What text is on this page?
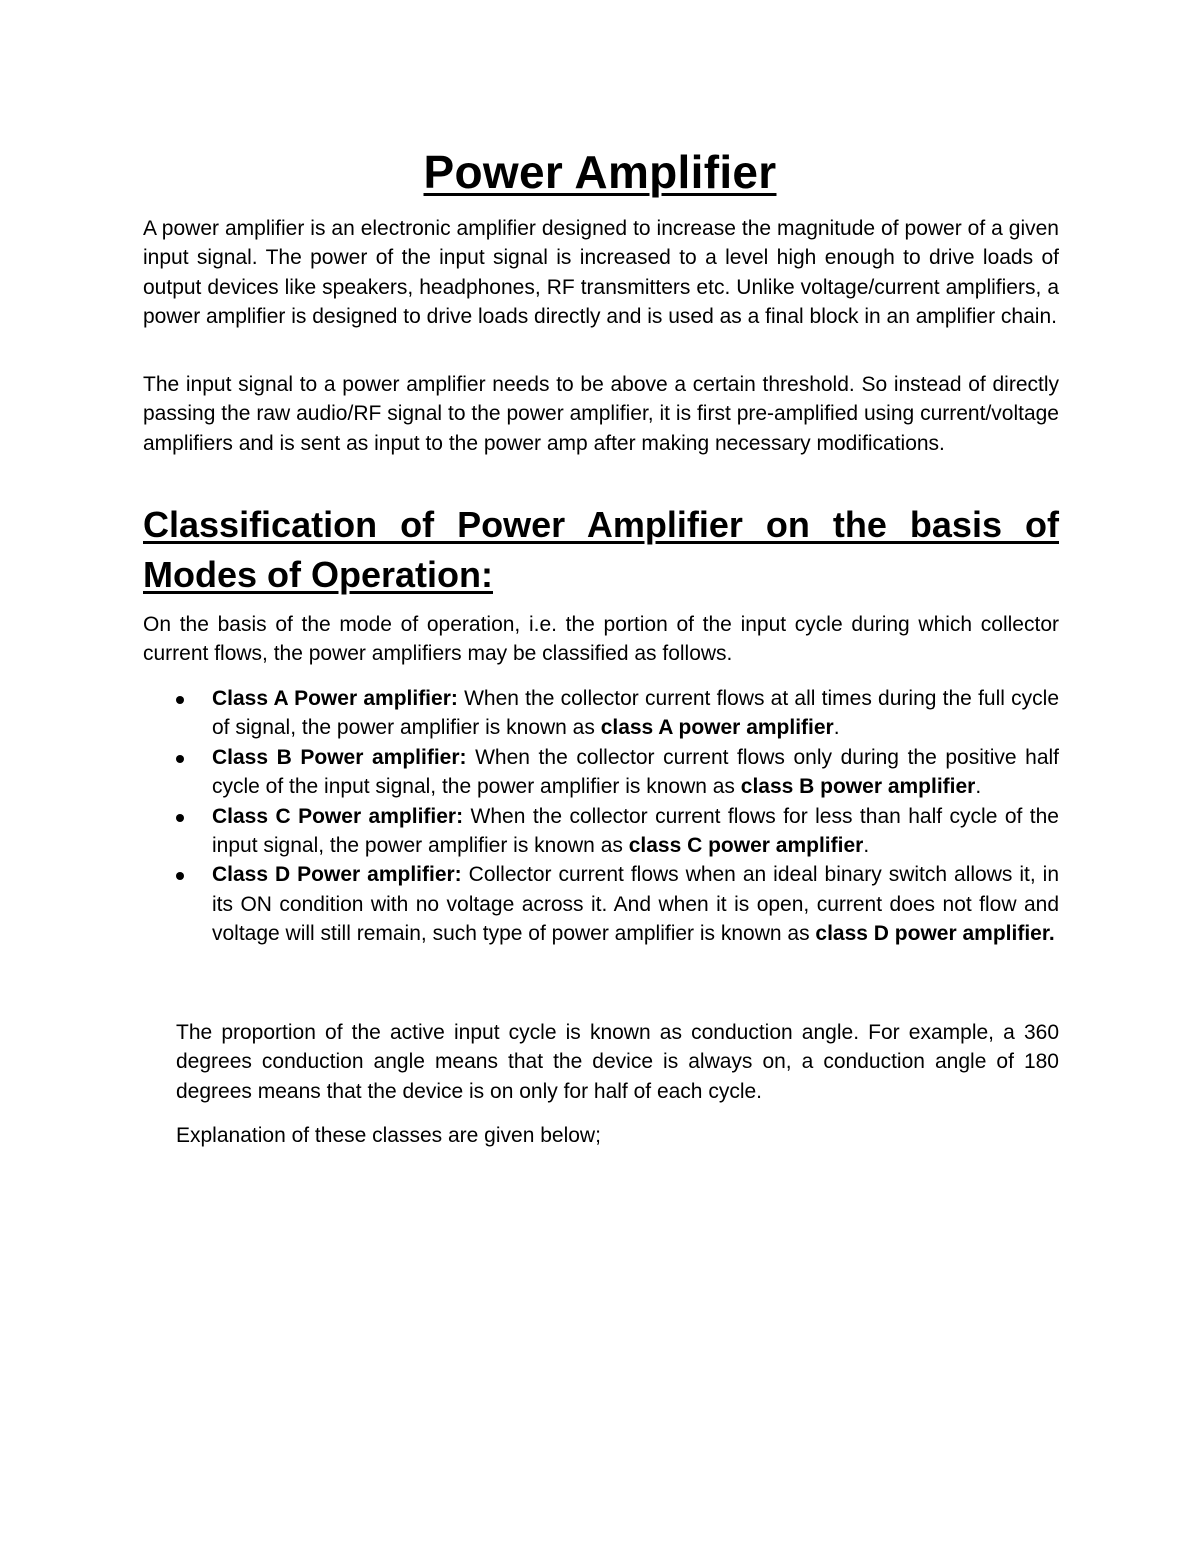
Power Amplifier

A power amplifier is an electronic amplifier designed to increase the magnitude of power of a given input signal. The power of the input signal is increased to a level high enough to drive loads of output devices like speakers, headphones, RF transmitters etc. Unlike voltage/current amplifiers, a power amplifier is designed to drive loads directly and is used as a final block in an amplifier chain.

The input signal to a power amplifier needs to be above a certain threshold. So instead of directly passing the raw audio/RF signal to the power amplifier, it is first pre-amplified using current/voltage amplifiers and is sent as input to the power amp after making necessary modifications.

Classification of Power Amplifier on the basis of Modes of Operation:

On the basis of the mode of operation, i.e. the portion of the input cycle during which collector current flows, the power amplifiers may be classified as follows.

Class A Power amplifier: When the collector current flows at all times during the full cycle of signal, the power amplifier is known as class A power amplifier.
Class B Power amplifier: When the collector current flows only during the positive half cycle of the input signal, the power amplifier is known as class B power amplifier.
Class C Power amplifier: When the collector current flows for less than half cycle of the input signal, the power amplifier is known as class C power amplifier.
Class D Power amplifier: Collector current flows when an ideal binary switch allows it, in its ON condition with no voltage across it. And when it is open, current does not flow and voltage will still remain, such type of power amplifier is known as class D power amplifier.

The proportion of the active input cycle is known as conduction angle. For example, a 360 degrees conduction angle means that the device is always on, a conduction angle of 180 degrees means that the device is on only for half of each cycle.

Explanation of these classes are given below;
